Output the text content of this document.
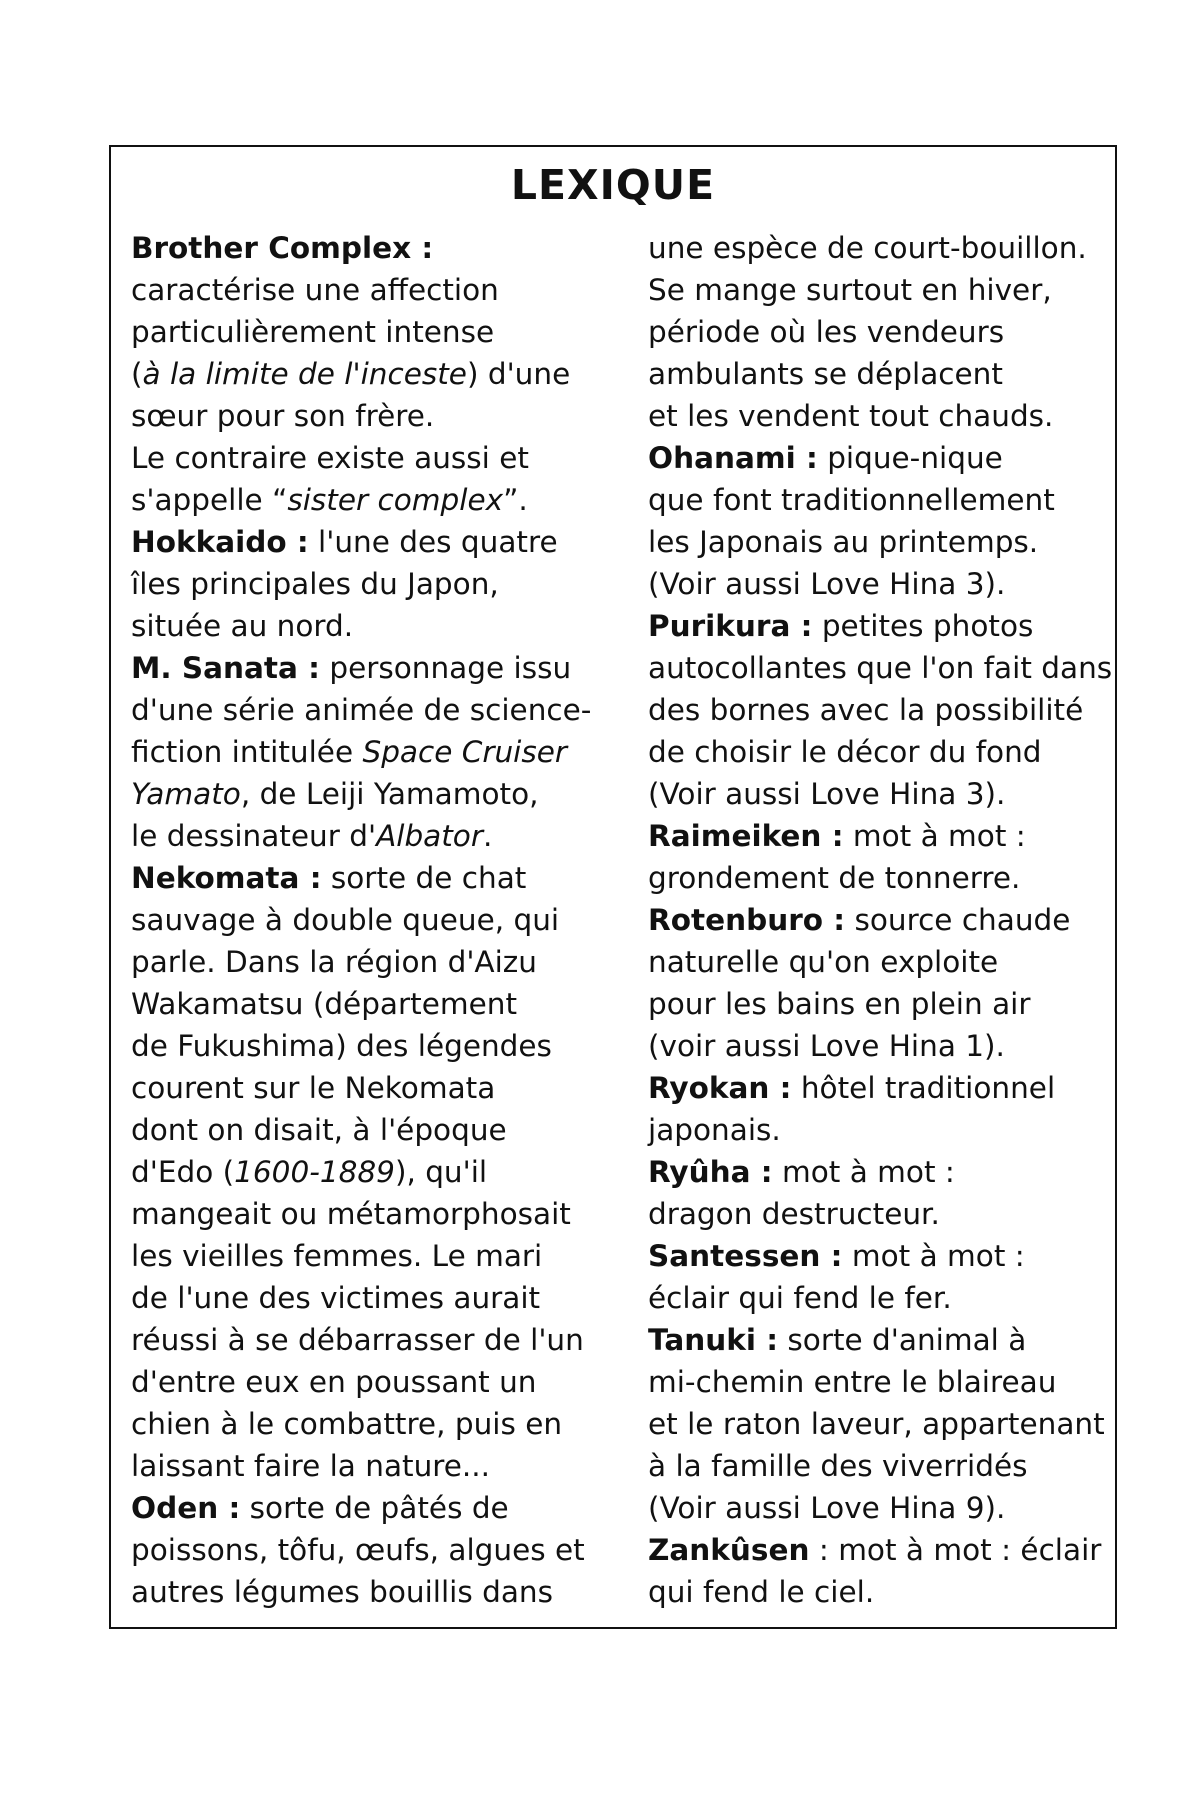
LEXIQUE
Brother Complex :
caractérise une affection
particulièrement intense
(à la limite de l'inceste) d'une
sœur pour son frère.
Le contraire existe aussi et
s'appelle “sister complex”.
Hokkaido : l'une des quatre
îles principales du Japon,
située au nord.
M. Sanata : personnage issu
d'une série animée de science-
fiction intitulée Space Cruiser
Yamato, de Leiji Yamamoto,
le dessinateur d'Albator.
Nekomata : sorte de chat
sauvage à double queue, qui
parle. Dans la région d'Aizu
Wakamatsu (département
de Fukushima) des légendes
courent sur le Nekomata
dont on disait, à l'époque
d'Edo (1600-1889), qu'il
mangeait ou métamorphosait
les vieilles femmes. Le mari
de l'une des victimes aurait
réussi à se débarrasser de l'un
d'entre eux en poussant un
chien à le combattre, puis en
laissant faire la nature...
Oden : sorte de pâtés de
poissons, tôfu, œufs, algues et
autres légumes bouillis dans
une espèce de court-bouillon.
Se mange surtout en hiver,
période où les vendeurs
ambulants se déplacent
et les vendent tout chauds.
Ohanami : pique-nique
que font traditionnellement
les Japonais au printemps.
(Voir aussi Love Hina 3).
Purikura : petites photos
autocollantes que l'on fait dans
des bornes avec la possibilité
de choisir le décor du fond
(Voir aussi Love Hina 3).
Raimeiken : mot à mot :
grondement de tonnerre.
Rotenburo : source chaude
naturelle qu'on exploite
pour les bains en plein air
(voir aussi Love Hina 1).
Ryokan : hôtel traditionnel
japonais.
Ryûha : mot à mot :
dragon destructeur.
Santessen : mot à mot :
éclair qui fend le fer.
Tanuki : sorte d'animal à
mi-chemin entre le blaireau
et le raton laveur, appartenant
à la famille des viverridés
(Voir aussi Love Hina 9).
Zankûsen : mot à mot : éclair
qui fend le ciel.
